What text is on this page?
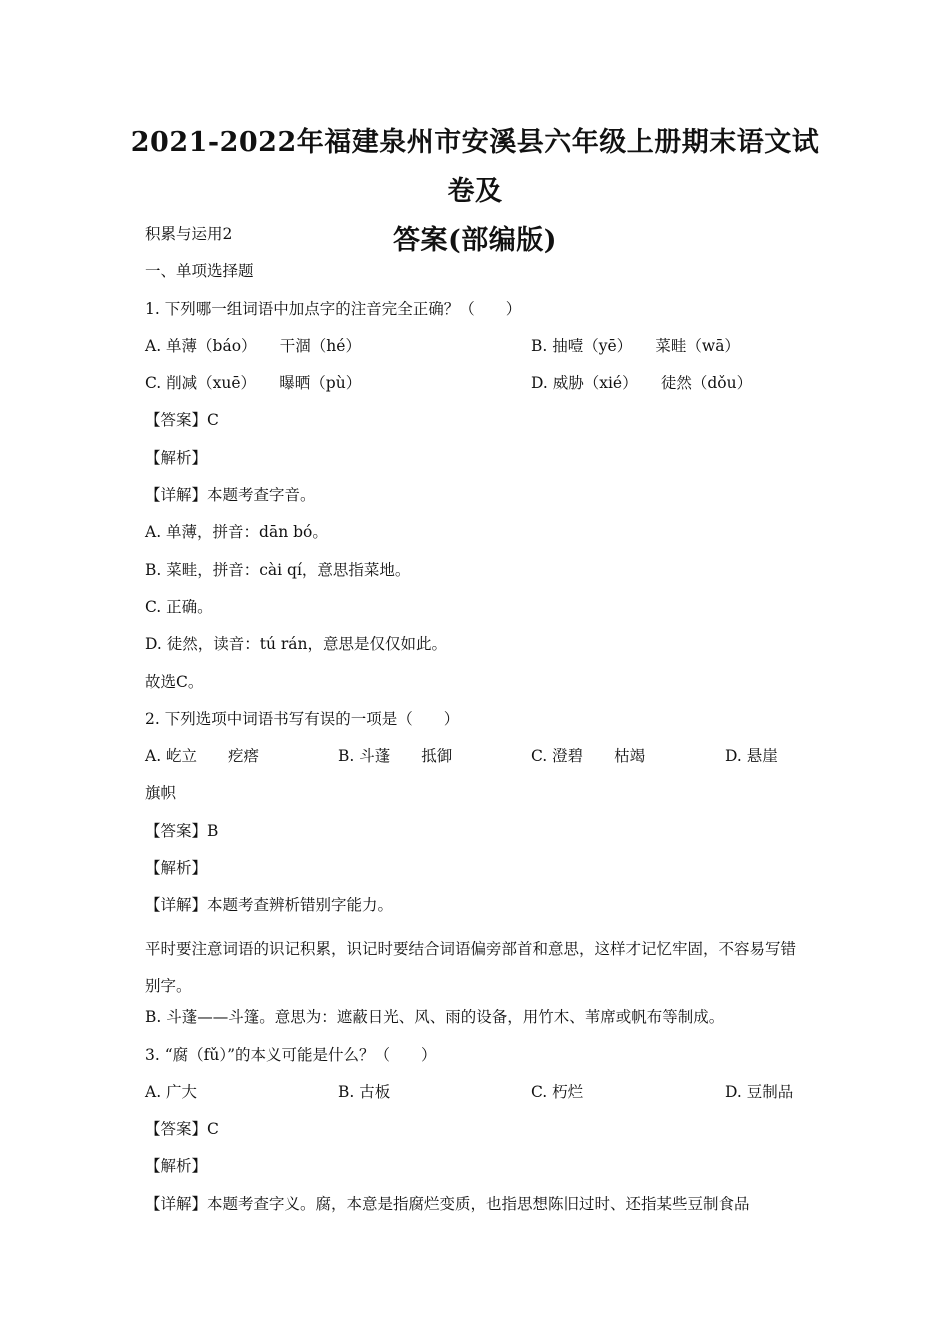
2021-2022年福建泉州市安溪县六年级上册期末语文试卷及
答案(部编版)
积累与运用2
一、单项选择题
1. 下列哪一组词语中加点字的注音完全正确？（　　）
A. 单薄（báo）　　干涸（hé）	B. 抽噎（yē）　　菜畦（wā）
C. 削减（xuē）　　曝晒（pù）	D. 威胁（xié）　　徒然（dǒu）
【答案】C
【解析】
【详解】本题考查字音。
A. 单薄，拼音：dān bó。
B. 菜畦，拼音：cài qí，意思指菜地。
C. 正确。
D. 徒然，读音：tú rán，意思是仅仅如此。
故选C。
2. 下列选项中词语书写有误的一项是（　　）
A. 屹立　　疙瘩	B. 斗蓬　　抵御	C. 澄碧　　枯竭	D. 悬崖
旗帜
【答案】B
【解析】
【详解】本题考查辨析错别字能力。
平时要注意词语的识记积累，识记时要结合词语偏旁部首和意思，这样才记忆牢固，不容易写错别字。
B. 斗蓬——斗篷。意思为：遮蔽日光、风、雨的设备，用竹木、苇席或帆布等制成。
3. “腐（fǔ）”的本义可能是什么？（　　）
A. 广大	B. 古板	C. 朽烂	D. 豆制品
【答案】C
【解析】
【详解】本题考查字义。腐，本意是指腐烂变质，也指思想陈旧过时、还指某些豆制食品
